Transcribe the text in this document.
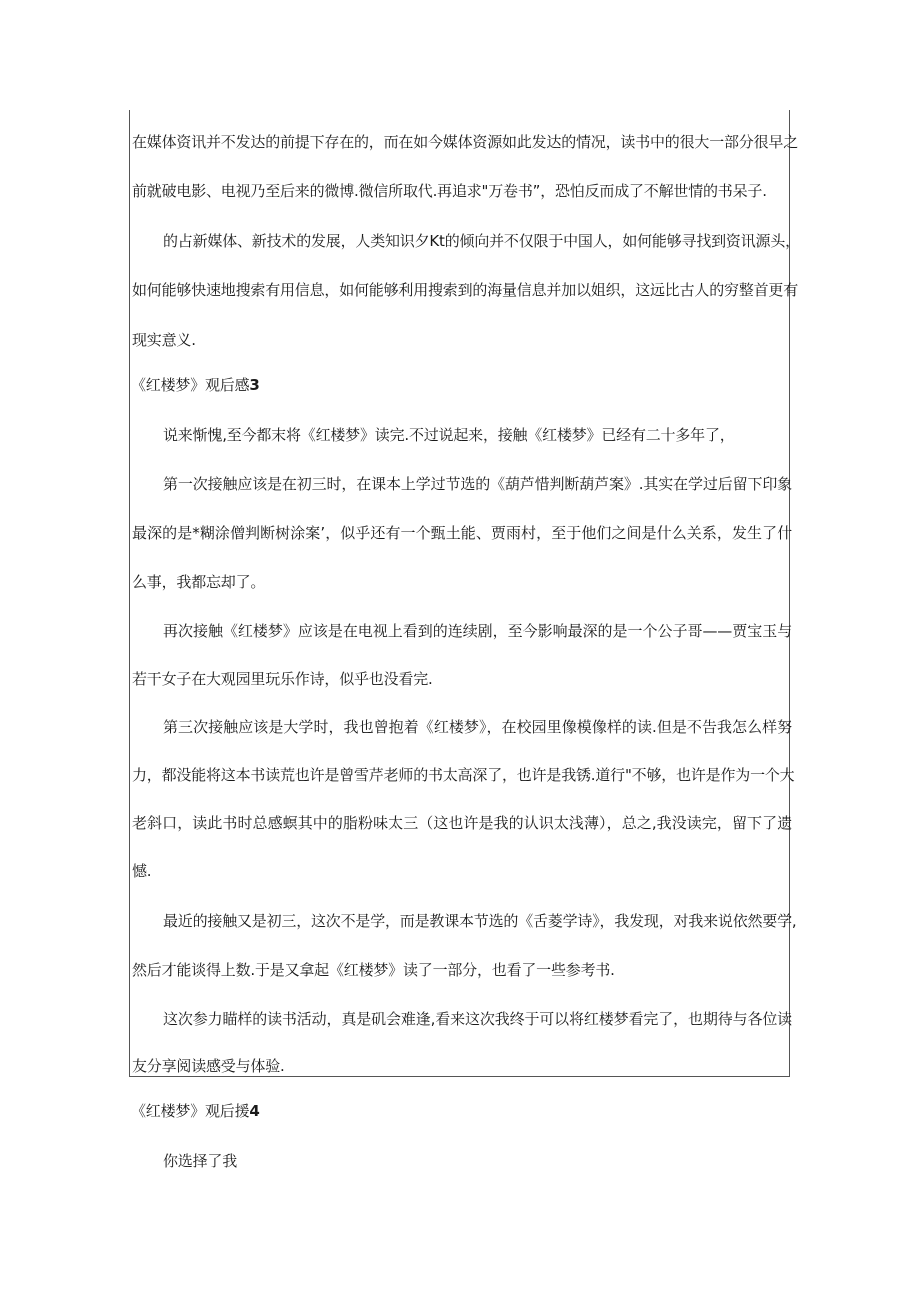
在媒体资讯并不发达的前提下存在的，而在如今媒体资源如此发达的情况，读书中的很大一部分很早之
前就破电影、电视乃至后来的微博.微信所取代.再追求"万卷书”，恐怕反而成了不解世情的书呆子.
的占新媒体、新技术的发展，人类知识夕Kt的倾向并不仅限于中国人，如何能够寻找到资讯源头，
如何能够快速地搜索有用信息，如何能够利用搜索到的海量信息并加以姐织，这远比古人的穷整首更有
现实意义.
《红楼梦》观后感3
说来惭愧,至今都末将《红楼梦》读完.不过说起来，接触《红楼梦》已经有二十多年了，
第一次接触应该是在初三时，在课本上学过节选的《葫芦惜判断葫芦案》.其实在学过后留下印象
最深的是*糊涂僧判断树涂案’，似乎还有一个甄土能、贾雨村，至于他们之间是什么关系，发生了什
么事，我都忘却了。
再次接触《红楼梦》应该是在电视上看到的连续剧，至今影响最深的是一个公子哥——贾宝玉与
若干女子在大观园里玩乐作诗，似乎也没看完.
第三次接触应该是大学时，我也曾抱着《红楼梦》，在校园里像模像样的读.但是不告我怎么样努
力，都没能将这本书读荒也许是曾雪芹老师的书太高深了，也许是我锈.道行"不够，也许是作为一个大
老斜口，读此书时总感螟其中的脂粉味太三（这也许是我的认识太浅薄），总之,我没读完，留下了遗
憾.
最近的接触又是初三，这次不是学，而是教课本节选的《舌菱学诗》，我发现，对我来说依然要学,
然后才能谈得上数.于是又拿起《红楼梦》读了一部分，也看了一些参考书.
这次参力瞄样的读书活动，真是矶会难逢,看来这次我终于可以将红楼梦看完了，也期待与各位读
友分享阅读感受与体验.
《红楼梦》观后援4
你选择了我
